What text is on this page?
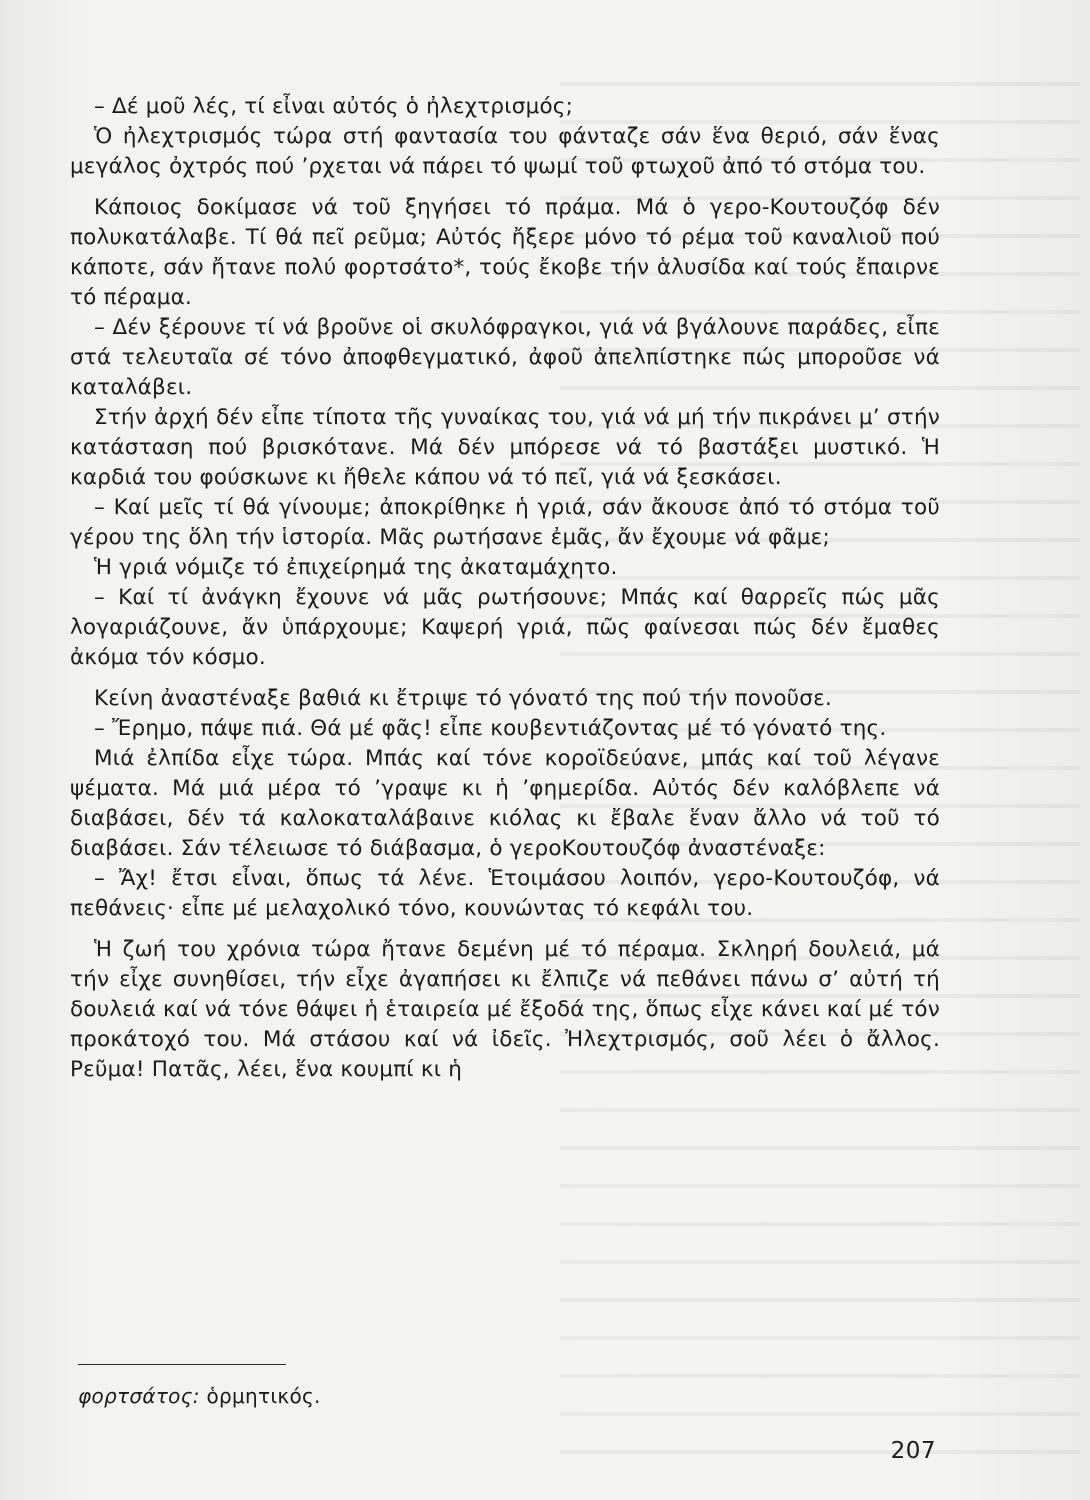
– Δέ μοῦ λές, τί εἶναι αὐτός ὁ ἠλεχτρισμός;

Ὁ ἠλεχτρισμός τώρα στή φαντασία του φάνταζε σάν ἕνα θεριό, σάν ἕνας μεγάλος ὀχτρός πού ’ρχεται νά πάρει τό ψωμί τοῦ φτωχοῦ ἀπό τό στόμα του.

Κάποιος δοκίμασε νά τοῦ ξηγήσει τό πράμα. Μά ὁ γερο-Κουτουζόφ δέν πολυκατάλαβε. Τί θά πεῖ ρεῦμα; Αὐτός ἤξερε μόνο τό ρέμα τοῦ καναλιοῦ πού κάποτε, σάν ἤτανε πολύ φορτσάτο*, τούς ἔκοβε τήν ἁλυσίδα καί τούς ἔπαιρνε τό πέραμα.

– Δέν ξέρουνε τί νά βροῦνε οἱ σκυλόφραγκοι, γιά νά βγάλουνε παράδες, εἶπε στά τελευταῖα σέ τόνο ἀποφθεγματικό, ἀφοῦ ἀπελπίστηκε πώς μποροῦσε νά καταλάβει.

Στήν ἀρχή δέν εἶπε τίποτα τῆς γυναίκας του, γιά νά μή τήν πικράνει μ’ στήν κατάσταση πού βρισκότανε. Μά δέν μπόρεσε νά τό βαστάξει μυστικό. Ἡ καρδιά του φούσκωνε κι ἤθελε κάπου νά τό πεῖ, γιά νά ξεσκάσει.

– Καί μεῖς τί θά γίνουμε; ἀποκρίθηκε ἡ γριά, σάν ἄκουσε ἀπό τό στόμα τοῦ γέρου της ὅλη τήν ἱστορία. Μᾶς ρωτήσανε ἐμᾶς, ἄν ἔχουμε νά φᾶμε;

Ἡ γριά νόμιζε τό ἐπιχείρημά της ἀκαταμάχητο.

– Καί τί ἀνάγκη ἔχουνε νά μᾶς ρωτήσουνε; Μπάς καί θαρρεῖς πώς μᾶς λογαριάζουνε, ἄν ὑπάρχουμε; Καψερή γριά, πῶς φαίνεσαι πώς δέν ἔμαθες ἀκόμα τόν κόσμο.

Κείνη ἀναστέναξε βαθιά κι ἔτριψε τό γόνατό της πού τήν πονοῦσε.

– Ἔρημο, πάψε πιά. Θά μέ φᾶς! εἶπε κουβεντιάζοντας μέ τό γόνατό της.

Μιά ἐλπίδα εἶχε τώρα. Μπάς καί τόνε κοροϊδεύανε, μπάς καί τοῦ λέγανε ψέματα. Μά μιά μέρα τό ’γραψε κι ἡ ’φημερίδα. Αὐτός δέν καλόβλεπε νά διαβάσει, δέν τά καλοκαταλάβαινε κιόλας κι ἔβαλε ἕναν ἄλλο νά τοῦ τό διαβάσει. Σάν τέλειωσε τό διάβασμα, ὁ γεροΚουτουζόφ ἀναστέναξε:

– Ἄχ! ἔτσι εἶναι, ὅπως τά λένε. Ἑτοιμάσου λοιπόν, γερο-Κουτουζόφ, νά πεθάνεις· εἶπε μέ μελαχολικό τόνο, κουνώντας τό κεφάλι του.

Ἡ ζωή του χρόνια τώρα ἤτανε δεμένη μέ τό πέραμα. Σκληρή δουλειά, μά τήν εἶχε συνηθίσει, τήν εἶχε ἀγαπήσει κι ἔλπιζε νά πεθάνει πάνω σ’ αὐτή τή δουλειά καί νά τόνε θάψει ἡ ἑταιρεία μέ ἔξοδά της, ὅπως εἶχε κάνει καί μέ τόν προκάτοχό του. Μά στάσου καί νά ἰδεῖς. Ἠλεχτρισμός, σοῦ λέει ὁ ἄλλος. Ρεῦμα! Πατᾶς, λέει, ἕνα κουμπί κι ἡ

φορτσάτος: ὁρμητικός.
207
